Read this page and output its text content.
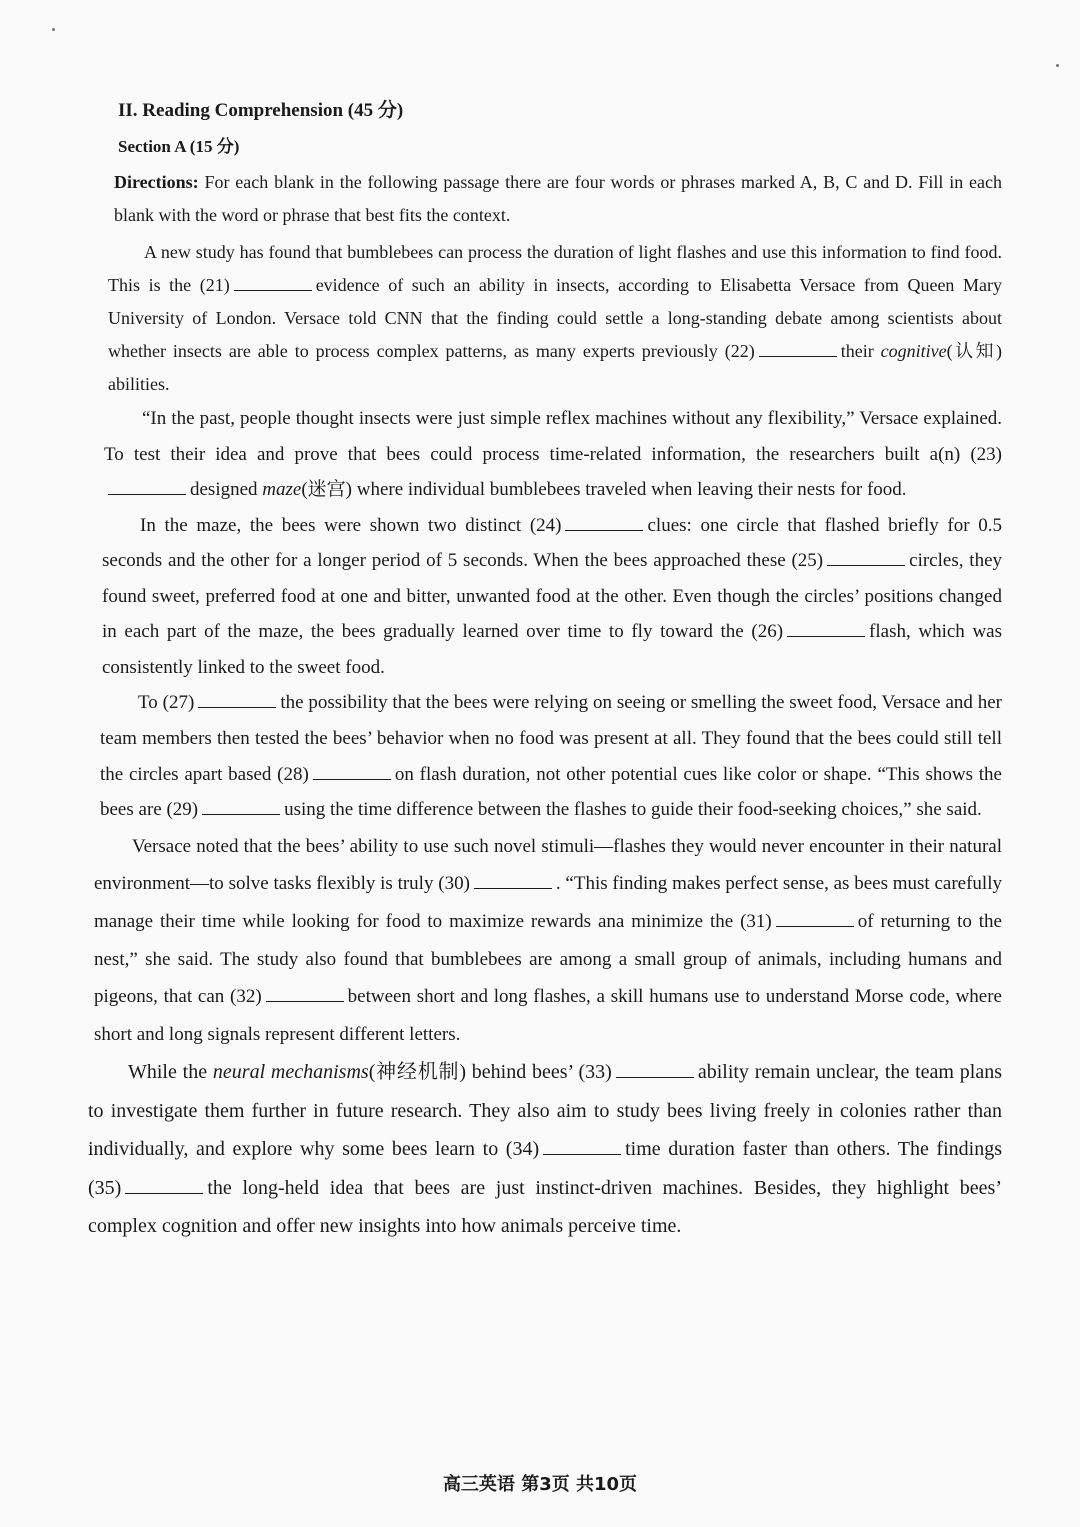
II. Reading Comprehension (45 分)
Section A (15 分)

Directions: For each blank in the following passage there are four words or phrases marked A, B, C and D. Fill in each blank with the word or phrase that best fits the context.

A new study has found that bumblebees can process the duration of light flashes and use this information to find food. This is the (21)	evidence of such an ability in insects, according to Elisabetta Versace from Queen Mary University of London. Versace told CNN that the finding could settle a long-standing debate among scientists about whether insects are able to process complex patterns, as many experts previously (22)	their cognitive(认知) abilities.

“In the past, people thought insects were just simple reflex machines without any flexibility,” Versace explained. To test their idea and prove that bees could process time-related information, the researchers built a(n) (23)designed maze(迷宫) where individual bumblebees traveled when leaving their nests for food.

In the maze, the bees were shown two distinct (24)	clues: one circle that flashed briefly for 0.5 seconds and the other for a longer period of 5 seconds. When the bees approached these (25)	circles, they found sweet, preferred food at one and bitter, unwanted food at the other. Even though the circles’ positions changed in each part of the maze, the bees gradually learned over time to fly toward the (26)	flash, which was consistently linked to the sweet food.

To (27)	the possibility that the bees were relying on seeing or smelling the sweet food, Versace and her team members then tested the bees’ behavior when no food was present at all. They found that the bees could still tell the circles apart based (28)	on flash duration, not other potential cues like color or shape. “This shows the bees are (29)	using the time difference between the flashes to guide their food-seeking choices,” she said.

Versace noted that the bees’ ability to use such novel stimuli—flashes they would never encounter in their natural environment—to solve tasks flexibly is truly (30)	. “This finding makes perfect sense, as bees must carefully manage their time while looking for food to maximize rewards ana minimize the (31)	of returning to the nest,” she said. The study also found that bumblebees are among a small group of animals, including humans and pigeons, that can (32)	between short and long flashes, a skill humans use to understand Morse code, where short and long signals represent different letters.

While the neural mechanisms(神经机制) behind bees’ (33)	ability remain unclear, the team plans to investigate them further in future research. They also aim to study bees living freely in colonies rather than individually, and explore why some bees learn to (34)	time duration faster than others. The findings (35)	the long-held idea that bees are just instinct-driven machines. Besides, they highlight bees’ complex cognition and offer new insights into how animals perceive time.

高三英语 第3页 共10页
